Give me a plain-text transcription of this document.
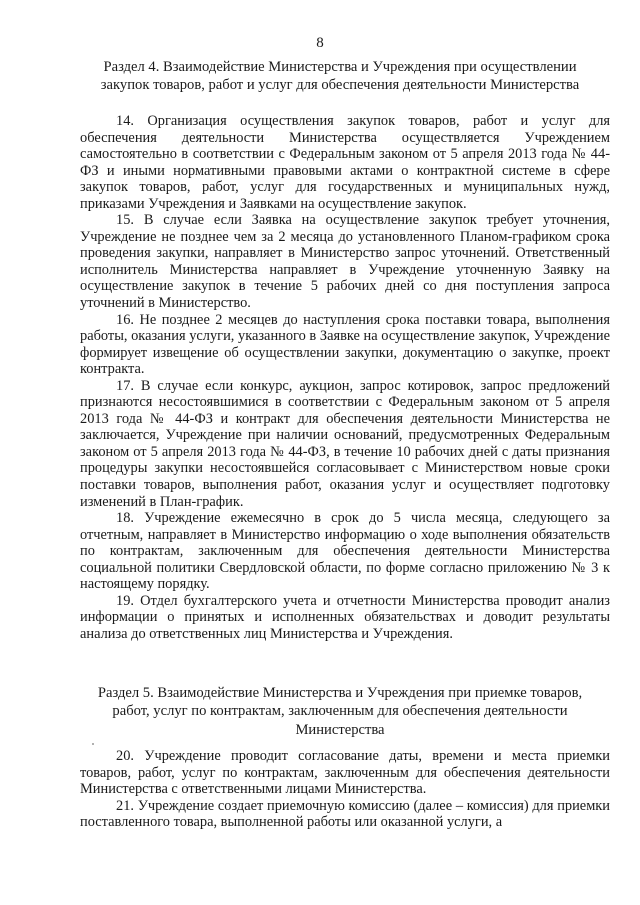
8
Раздел 4. Взаимодействие Министерства и Учреждения при осуществлении закупок товаров, работ и услуг для обеспечения деятельности Министерства

14. Организация осуществления закупок товаров, работ и услуг для обеспечения деятельности Министерства осуществляется Учреждением самостоятельно в соответствии с Федеральным законом от 5 апреля 2013 года № 44-ФЗ и иными нормативными правовыми актами о контрактной системе в сфере закупок товаров, работ, услуг для государственных и муниципальных нужд, приказами Учреждения и Заявками на осуществление закупок.

15. В случае если Заявка на осуществление закупок требует уточнения, Учреждение не позднее чем за 2 месяца до установленного Планом-графиком срока проведения закупки, направляет в Министерство запрос уточнений. Ответственный исполнитель Министерства направляет в Учреждение уточненную Заявку на осуществление закупок в течение 5 рабочих дней со дня поступления запроса уточнений в Министерство.

16. Не позднее 2 месяцев до наступления срока поставки товара, выполнения работы, оказания услуги, указанного в Заявке на осуществление закупок, Учреждение формирует извещение об осуществлении закупки, документацию о закупке, проект контракта.

17. В случае если конкурс, аукцион, запрос котировок, запрос предложений признаются несостоявшимися в соответствии с Федеральным законом от 5 апреля 2013 года № 44-ФЗ и контракт для обеспечения деятельности Министерства не заключается, Учреждение при наличии оснований, предусмотренных Федеральным законом от 5 апреля 2013 года № 44-ФЗ, в течение 10 рабочих дней с даты признания процедуры закупки несостоявшейся согласовывает с Министерством новые сроки поставки товаров, выполнения работ, оказания услуг и осуществляет подготовку изменений в План-график.

18. Учреждение ежемесячно в срок до 5 числа месяца, следующего за отчетным, направляет в Министерство информацию о ходе выполнения обязательств по контрактам, заключенным для обеспечения деятельности Министерства социальной политики Свердловской области, по форме согласно приложению № 3 к настоящему порядку.

19. Отдел бухгалтерского учета и отчетности Министерства проводит анализ информации о принятых и исполненных обязательствах и доводит результаты анализа до ответственных лиц Министерства и Учреждения.

Раздел 5. Взаимодействие Министерства и Учреждения при приемке товаров, работ, услуг по контрактам, заключенным для обеспечения деятельности Министерства

20. Учреждение проводит согласование даты, времени и места приемки товаров, работ, услуг по контрактам, заключенным для обеспечения деятельности Министерства с ответственными лицами Министерства.

21. Учреждение создает приемочную комиссию (далее – комиссия) для приемки поставленного товара, выполненной работы или оказанной услуги, а
